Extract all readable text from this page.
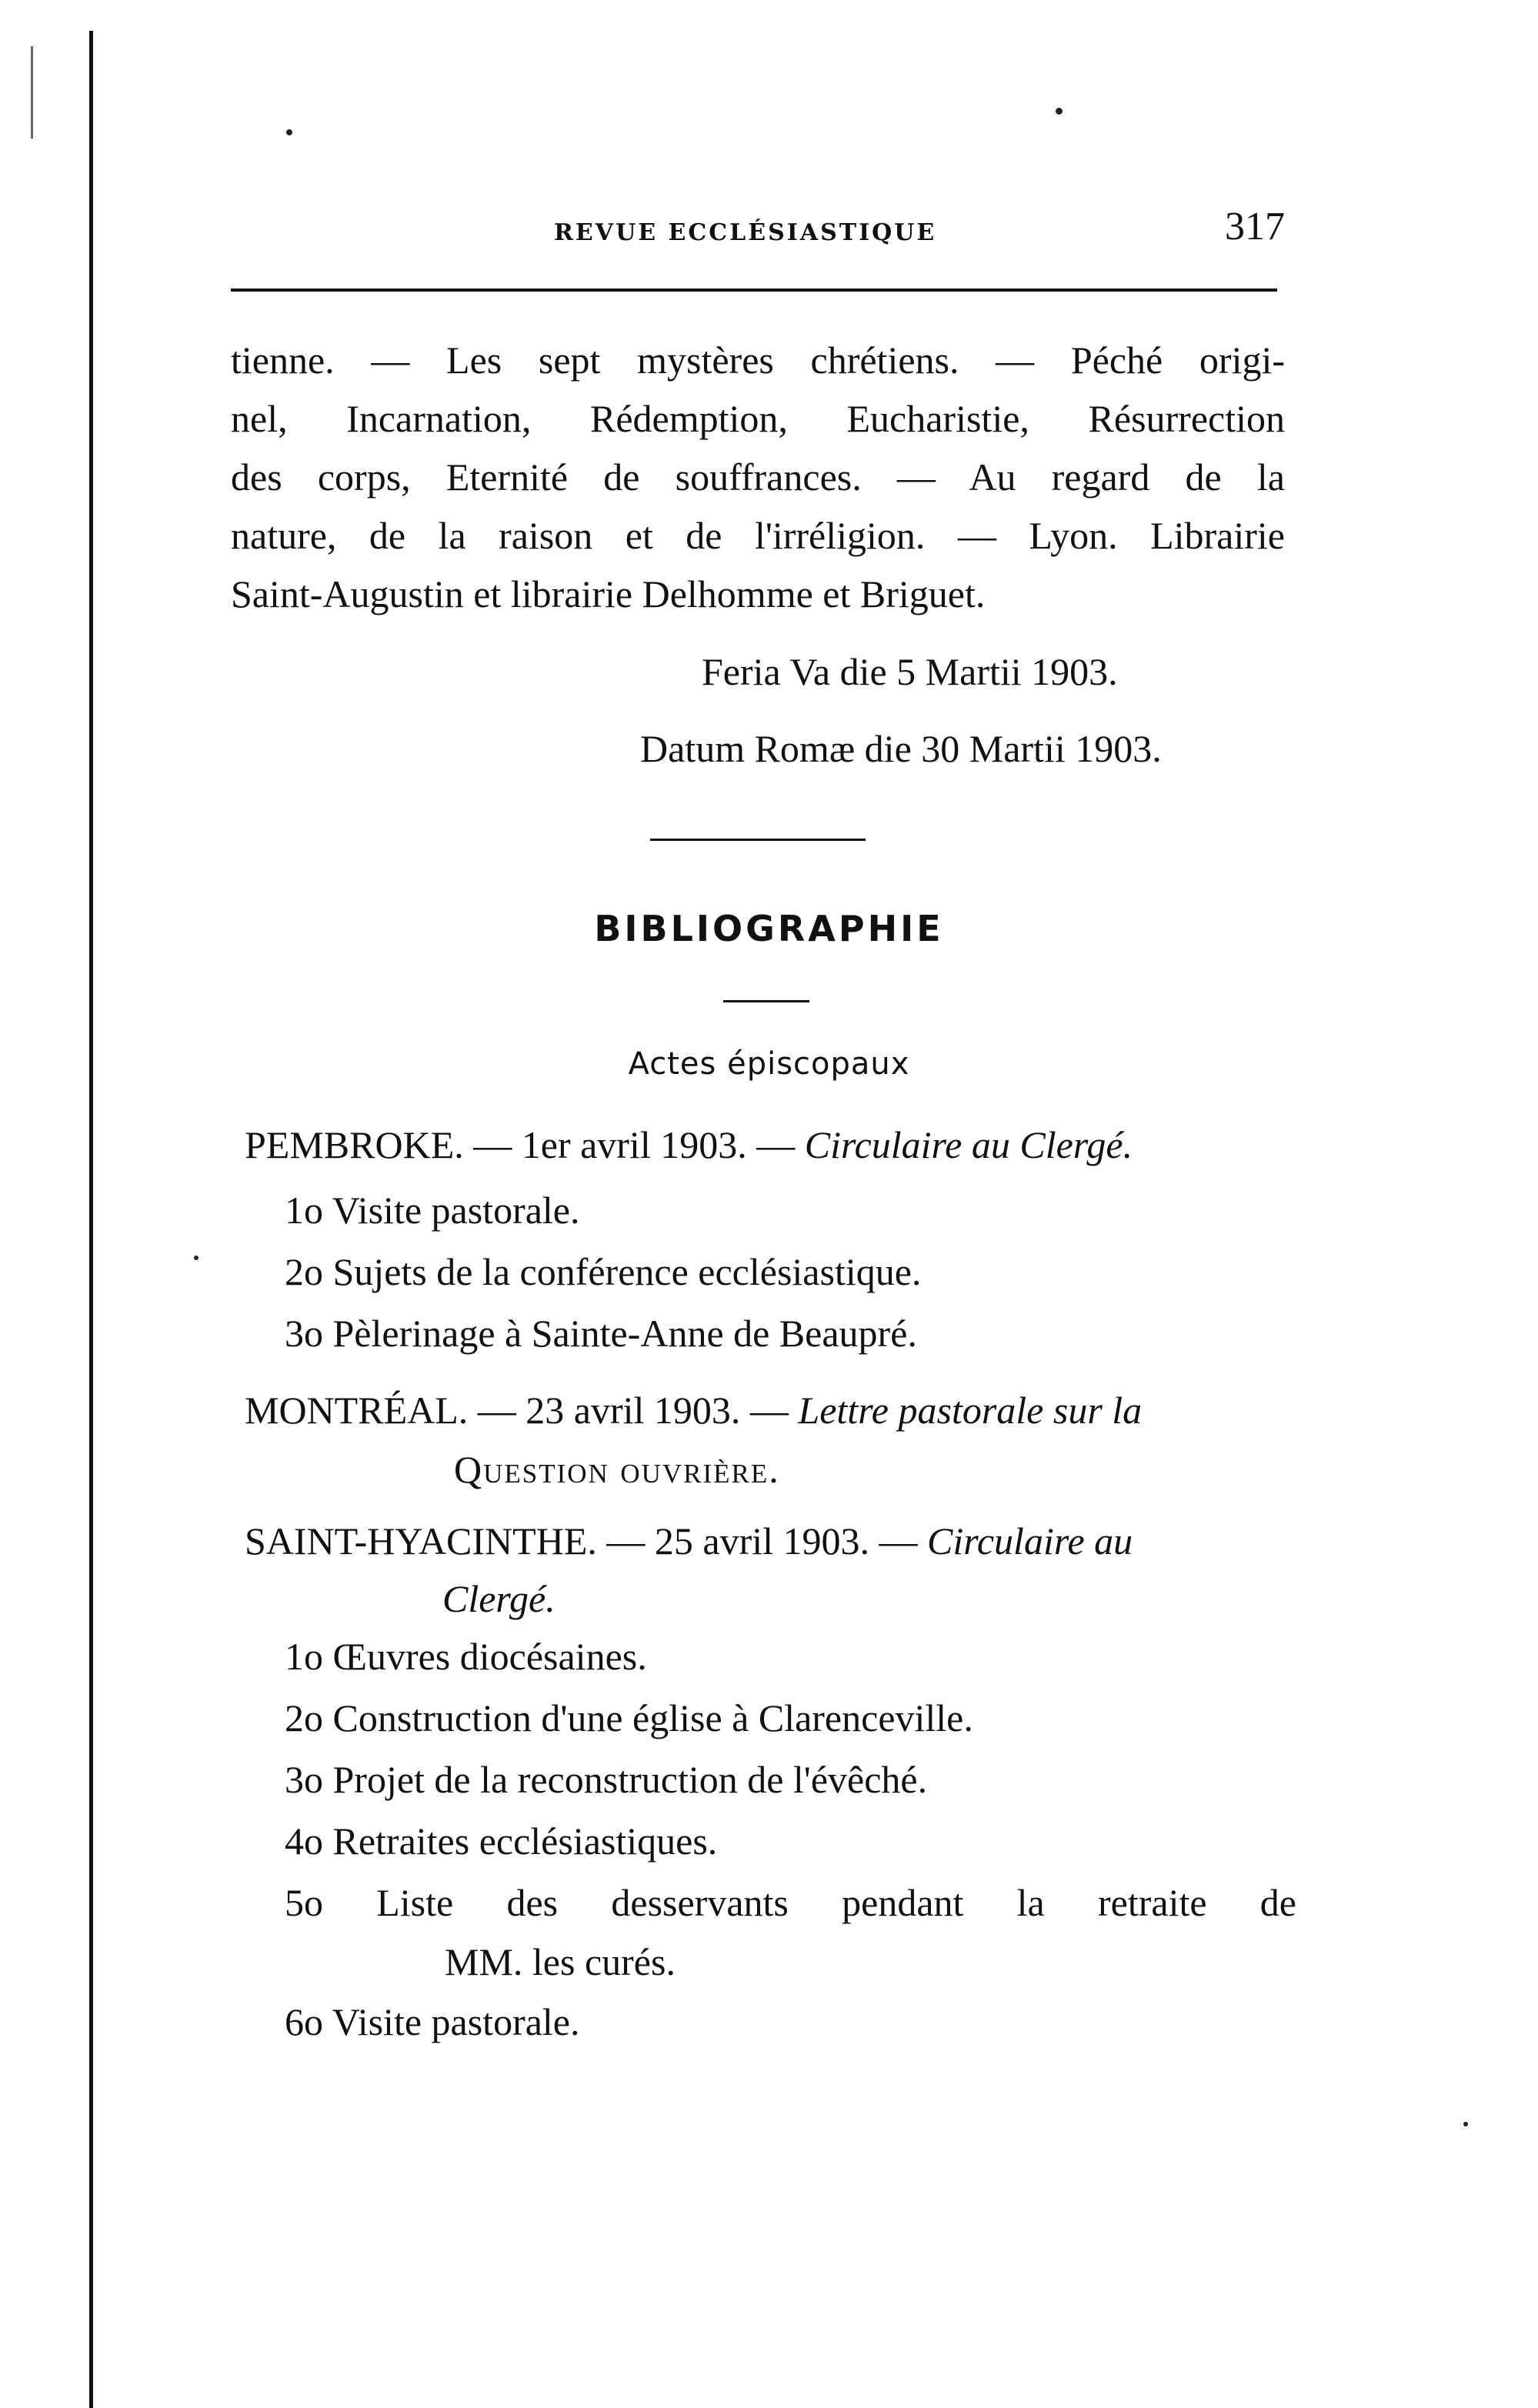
REVUE ECCLÉSIASTIQUE	317
tienne. — Les sept mystères chrétiens. — Péché origi-
nel, Incarnation, Rédemption, Eucharistie, Résurrection
des corps, Eternité de souffrances. — Au regard de la
nature, de la raison et de l'irréligion. — Lyon. Librairie
Saint-Augustin et librairie Delhomme et Briguet.
Feria Va die 5 Martii 1903.
Datum Romæ die 30 Martii 1903.
BIBLIOGRAPHIE
Actes épiscopaux
PEMBROKE. — 1er avril 1903. — Circulaire au Clergé.
1o Visite pastorale.
2o Sujets de la conférence ecclésiastique.
3o Pèlerinage à Sainte-Anne de Beaupré.
MONTRÉAL. — 23 avril 1903. — Lettre pastorale sur la
Question ouvrière.
SAINT-HYACINTHE. — 25 avril 1903. — Circulaire au
Clergé.
1o Œuvres diocésaines.
2o Construction d'une église à Clarenceville.
3o Projet de la reconstruction de l'évêché.
4o Retraites ecclésiastiques.
5o Liste des desservants pendant la retraite de
MM. les curés.
6o Visite pastorale.
